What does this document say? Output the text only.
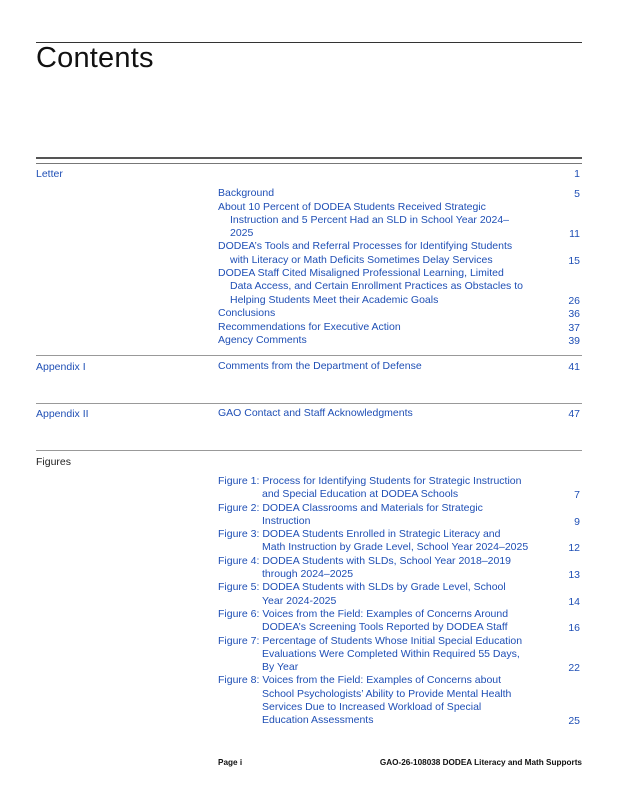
Contents
Letter	1
Background	5
About 10 Percent of DODEA Students Received Strategic
Instruction and 5 Percent Had an SLD in School Year 2024–
2025	11
DODEA’s Tools and Referral Processes for Identifying Students
with Literacy or Math Deficits Sometimes Delay Services	15
DODEA Staff Cited Misaligned Professional Learning, Limited
Data Access, and Certain Enrollment Practices as Obstacles to
Helping Students Meet their Academic Goals	26
Conclusions	36
Recommendations for Executive Action	37
Agency Comments	39
Appendix I	Comments from the Department of Defense	41
Appendix II	GAO Contact and Staff Acknowledgments	47
Figures
Figure 1: Process for Identifying Students for Strategic Instruction
and Special Education at DODEA Schools	7
Figure 2: DODEA Classrooms and Materials for Strategic
Instruction	9
Figure 3: DODEA Students Enrolled in Strategic Literacy and
Math Instruction by Grade Level, School Year 2024–2025	12
Figure 4: DODEA Students with SLDs, School Year 2018–2019
through 2024–2025	13
Figure 5: DODEA Students with SLDs by Grade Level, School
Year 2024-2025	14
Figure 6: Voices from the Field: Examples of Concerns Around
DODEA’s Screening Tools Reported by DODEA Staff	16
Figure 7: Percentage of Students Whose Initial Special Education
Evaluations Were Completed Within Required 55 Days,
By Year	22
Figure 8: Voices from the Field: Examples of Concerns about
School Psychologists’ Ability to Provide Mental Health
Services Due to Increased Workload of Special
Education Assessments	25
Page i	GAO-26-108038 DODEA Literacy and Math Supports
